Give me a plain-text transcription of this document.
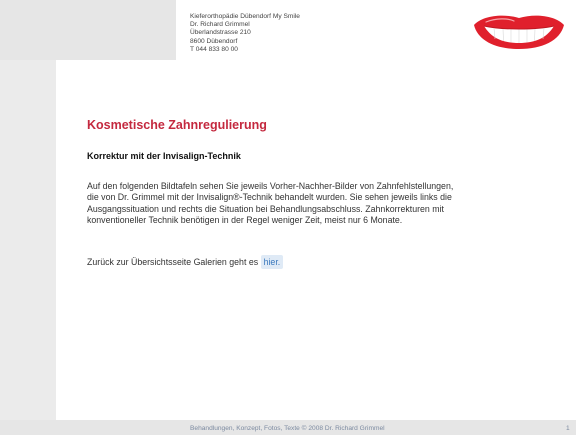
Kieferorthopädie Dübendorf My Smile
Dr. Richard Grimmel
Überlandstrasse 210
8600 Dübendorf
T 044 833 80 00
Kosmetische Zahnregulierung
Korrektur mit der Invisalign-Technik
Auf den folgenden Bildtafeln sehen Sie jeweils Vorher-Nachher-Bilder von Zahnfehlstellungen,
die von Dr. Grimmel mit der Invisalign®-Technik behandelt wurden. Sie sehen jeweils links die
Ausgangssituation und rechts die Situation bei Behandlungsabschluss. Zahnkorrekturen mit
konventioneller Technik benötigen in der Regel weniger Zeit, meist nur 6 Monate.
Zurück zur Übersichtsseite Galerien geht es hier.
Behandlungen, Konzept, Fotos, Texte © 2008 Dr. Richard Grimmel	1
